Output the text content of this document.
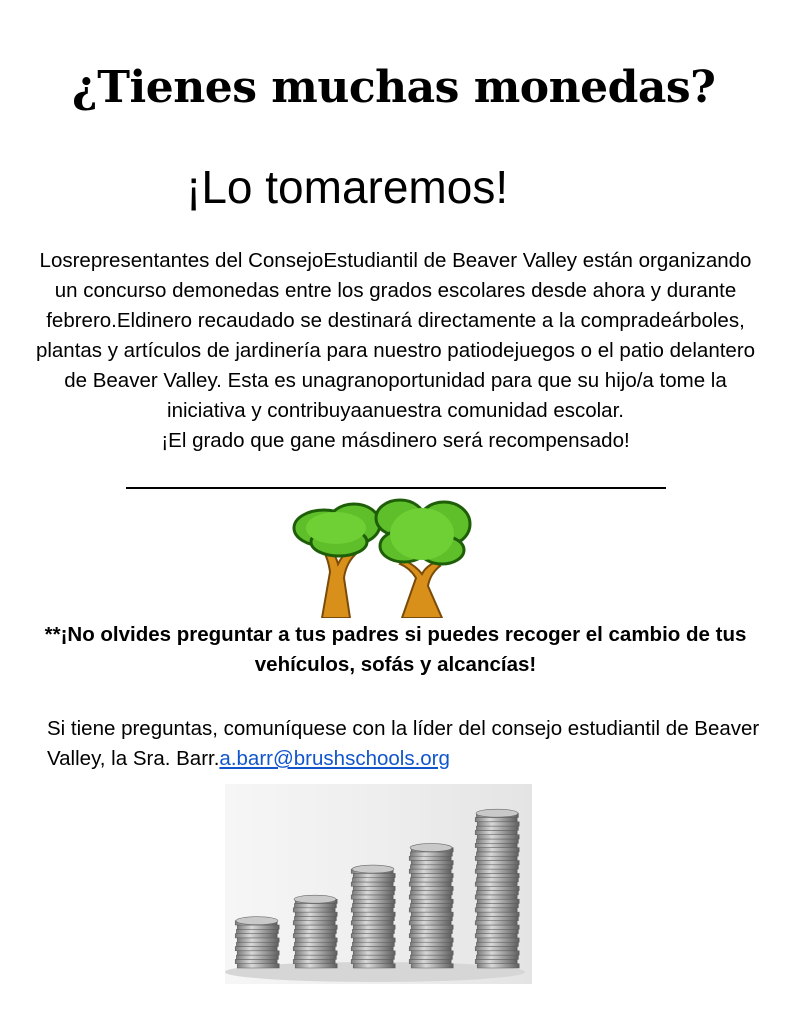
¿Tienes muchas monedas?
¡Lo tomaremos!

Losrepresentantes del ConsejoEstudiantil de Beaver Valley están organizando un concurso demonedas entre los grados escolares desde ahora y durante febrero.Eldinero recaudado se destinará directamente a la compradeárboles, plantas y artículos de jardinería para nuestro patiodejuegos o el patio delantero de Beaver Valley. Esta es unagranoportunidad para que su hijo/a tome la iniciativa y contribuyaanuestra comunidad escolar.

¡El grado que gane másdinero será recompensado!

**¡No olvides preguntar a tus padres si puedes recoger el cambio de tus vehículos, sofás y alcancías!

Si tiene preguntas, comuníquese con la líder del consejo estudiantil de Beaver Valley, la Sra. Barr.a.barr@brushschools.org
